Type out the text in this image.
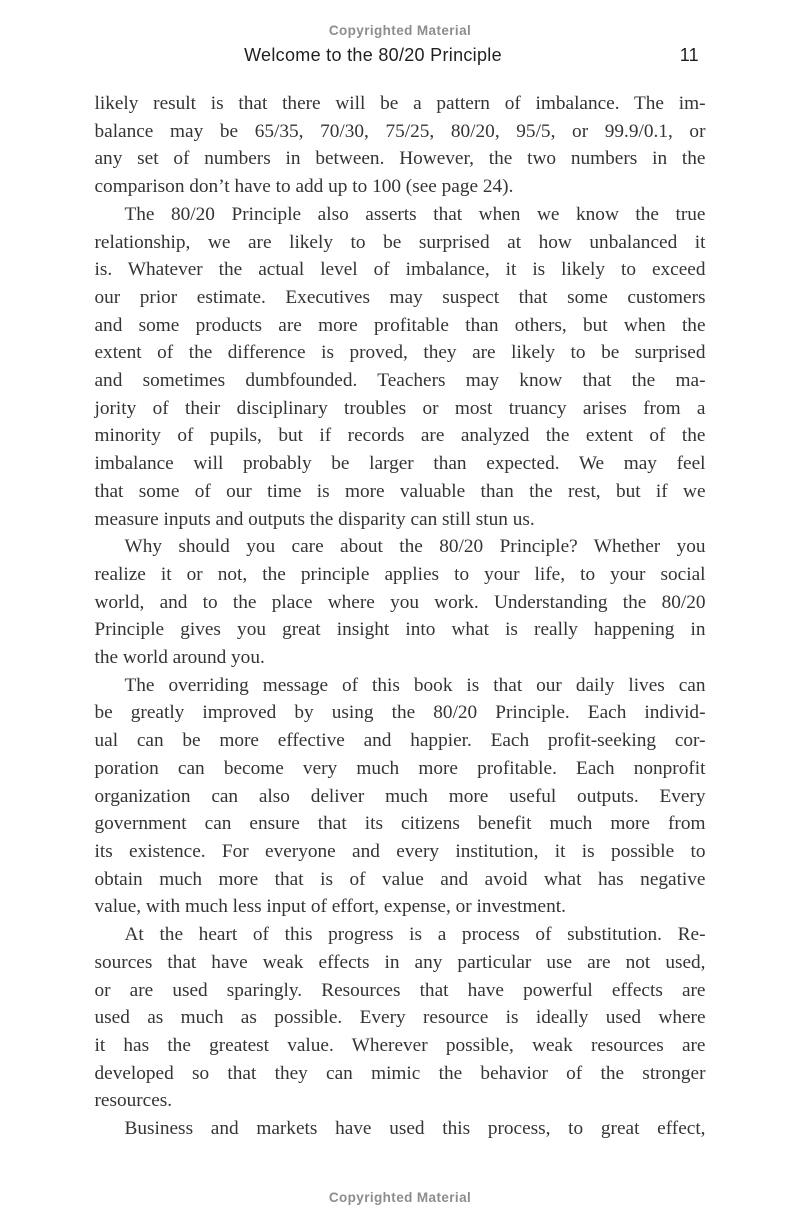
Copyrighted Material
Welcome to the 80/20 Principle	11
likely result is that there will be a pattern of imbalance. The im-
balance may be 65/35, 70/30, 75/25, 80/20, 95/5, or 99.9/0.1, or
any set of numbers in between. However, the two numbers in the
comparison don’t have to add up to 100 (see page 24).
The 80/20 Principle also asserts that when we know the true
relationship, we are likely to be surprised at how unbalanced it
is. Whatever the actual level of imbalance, it is likely to exceed
our prior estimate. Executives may suspect that some customers
and some products are more profitable than others, but when the
extent of the difference is proved, they are likely to be surprised
and sometimes dumbfounded. Teachers may know that the ma-
jority of their disciplinary troubles or most truancy arises from a
minority of pupils, but if records are analyzed the extent of the
imbalance will probably be larger than expected. We may feel
that some of our time is more valuable than the rest, but if we
measure inputs and outputs the disparity can still stun us.
Why should you care about the 80/20 Principle? Whether you
realize it or not, the principle applies to your life, to your social
world, and to the place where you work. Understanding the 80/20
Principle gives you great insight into what is really happening in
the world around you.
The overriding message of this book is that our daily lives can
be greatly improved by using the 80/20 Principle. Each individ-
ual can be more effective and happier. Each profit-seeking cor-
poration can become very much more profitable. Each nonprofit
organization can also deliver much more useful outputs. Every
government can ensure that its citizens benefit much more from
its existence. For everyone and every institution, it is possible to
obtain much more that is of value and avoid what has negative
value, with much less input of effort, expense, or investment.
At the heart of this progress is a process of substitution. Re-
sources that have weak effects in any particular use are not used,
or are used sparingly. Resources that have powerful effects are
used as much as possible. Every resource is ideally used where
it has the greatest value. Wherever possible, weak resources are
developed so that they can mimic the behavior of the stronger
resources.
Business and markets have used this process, to great effect,
Copyrighted Material
